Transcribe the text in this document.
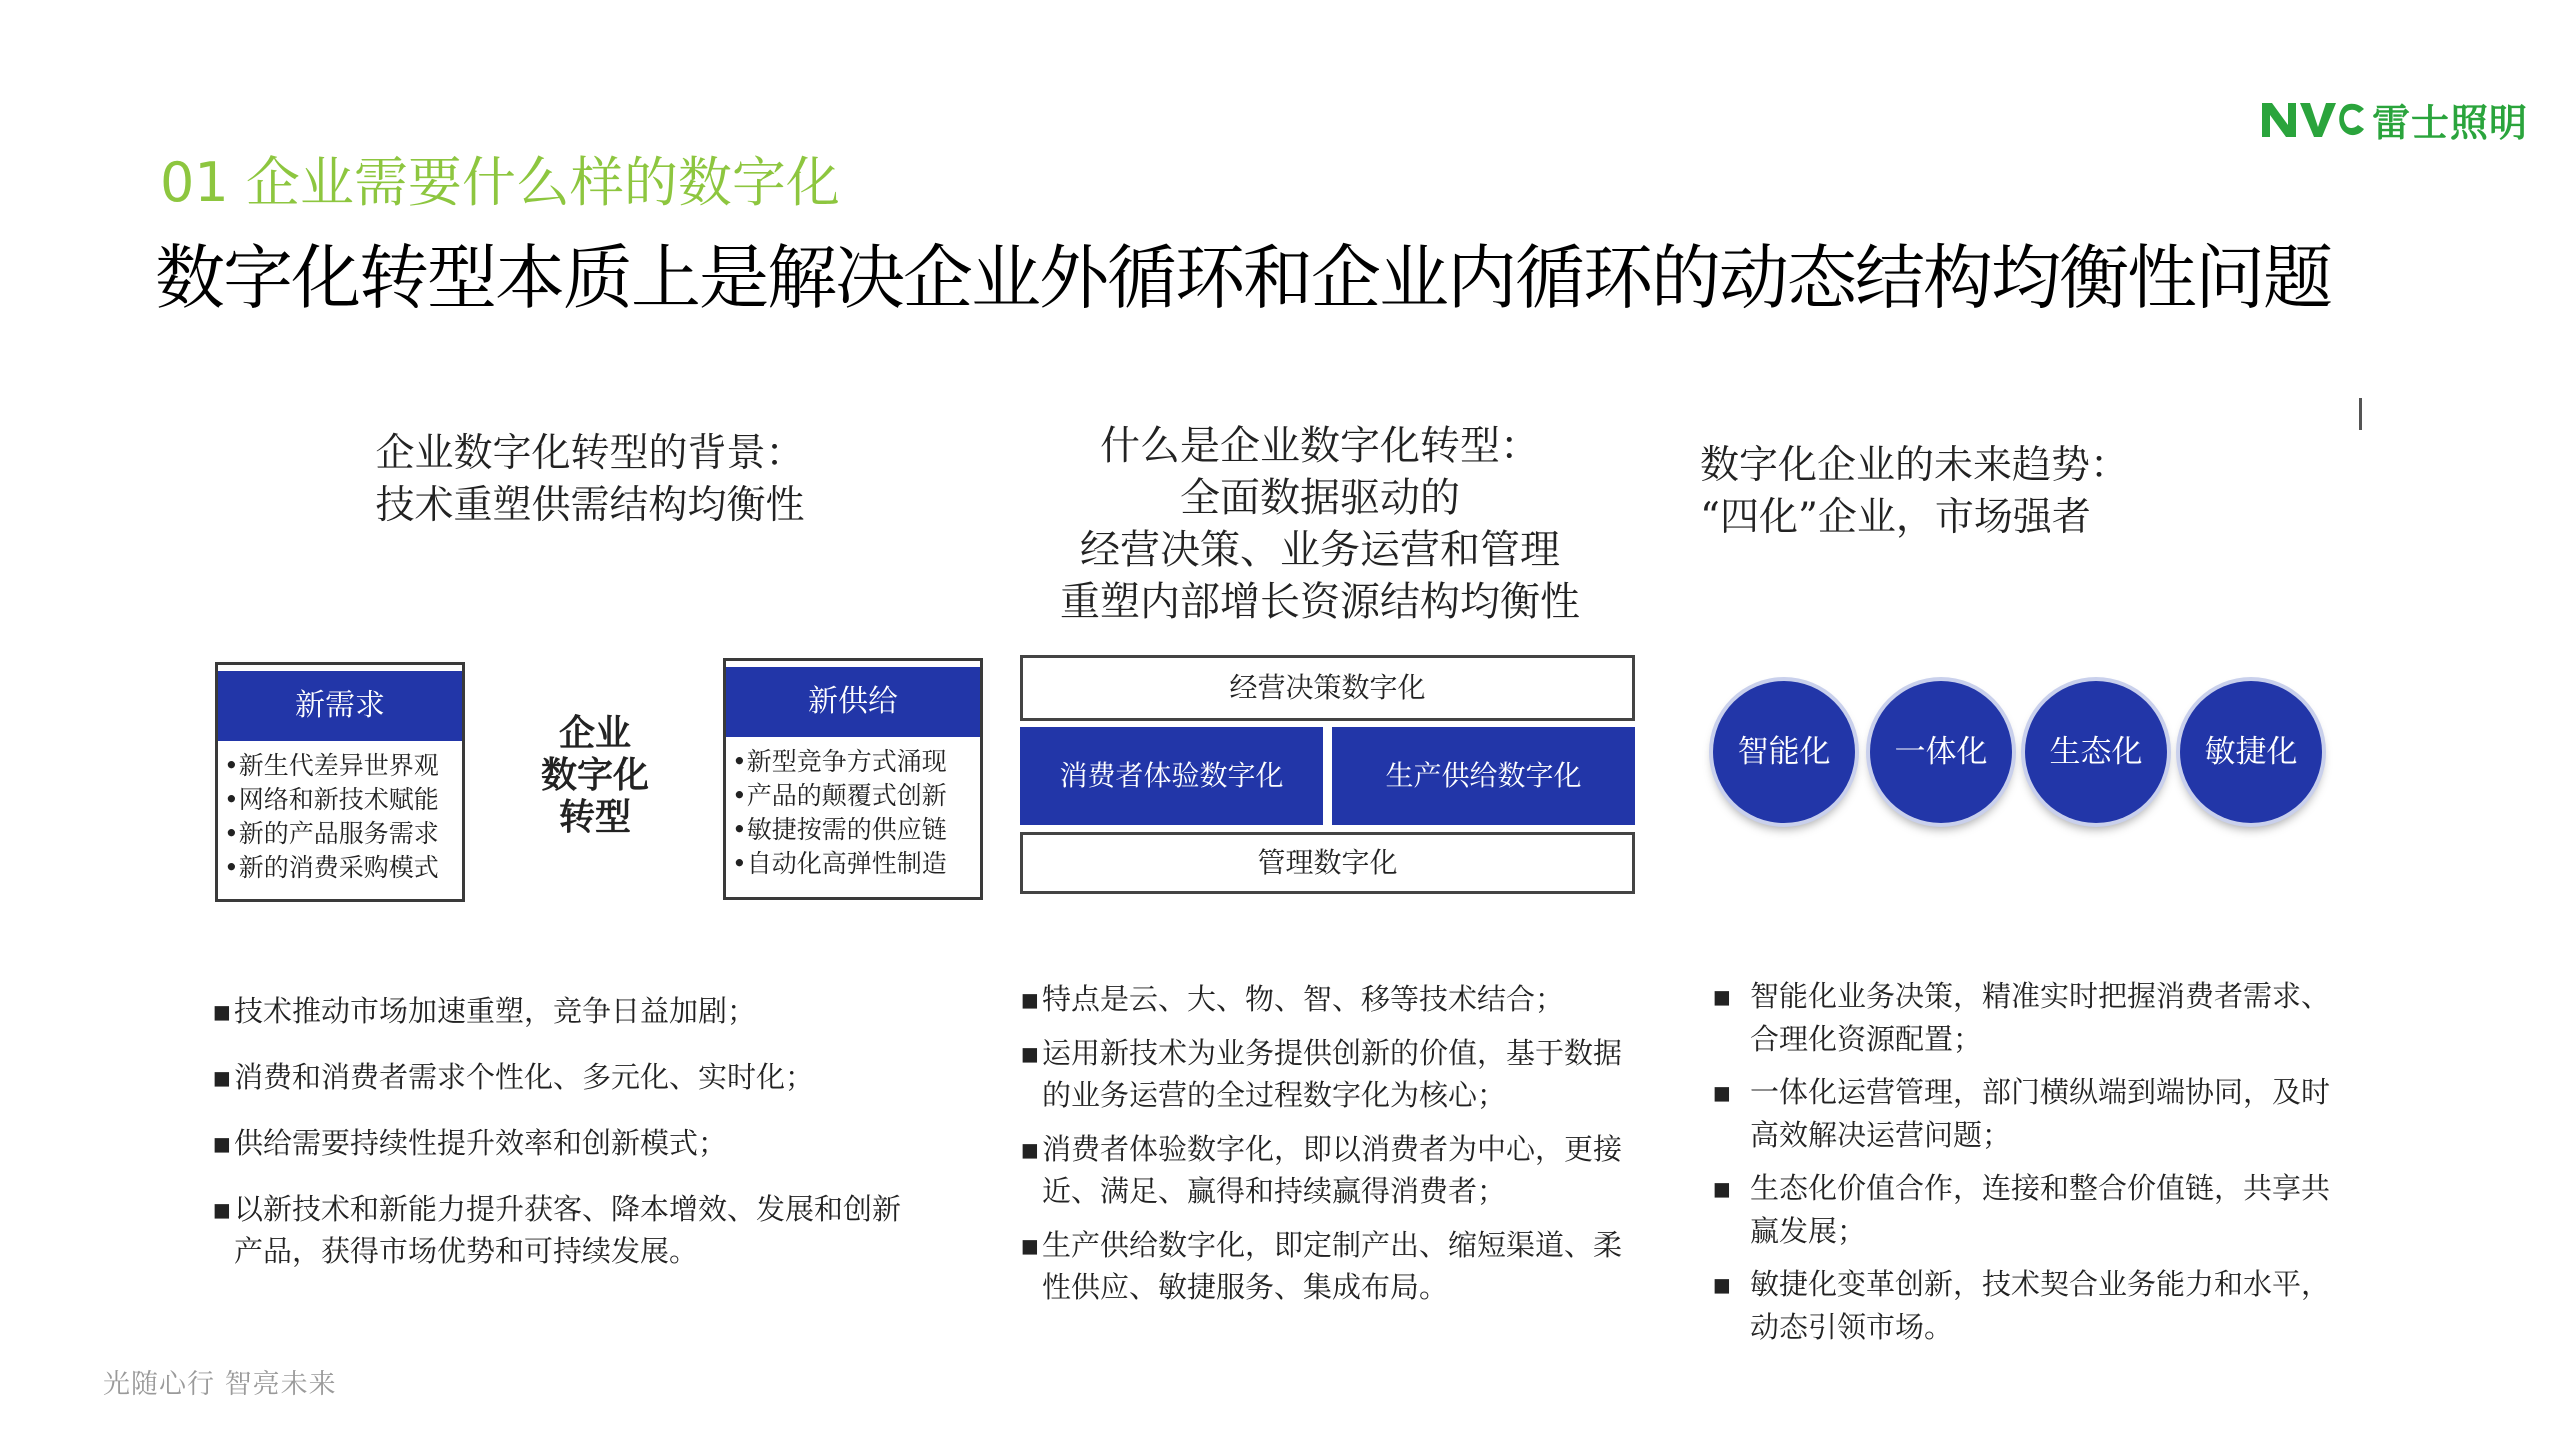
雷士照明
01 企业需要什么样的数字化
数字化转型本质上是解决企业外循环和企业内循环的动态结构均衡性问题
企业数字化转型的背景：
技术重塑供需结构均衡性
新需求
•新生代差异世界观
•网络和新技术赋能
•新的产品服务需求
•新的消费采购模式
企业
数字化
转型
新供给
•新型竞争方式涌现
•产品的颠覆式创新
•敏捷按需的供应链
•自动化高弹性制造
▪ 技术推动市场加速重塑，竞争日益加剧；
▪ 消费和消费者需求个性化、多元化、实时化；
▪ 供给需要持续性提升效率和创新模式；
▪ 以新技术和新能力提升获客、降本增效、发展和创新产品，获得市场优势和可持续发展。
什么是企业数字化转型：
全面数据驱动的
经营决策、业务运营和管理
重塑内部增长资源结构均衡性
经营决策数字化
消费者体验数字化	生产供给数字化
管理数字化
▪ 特点是云、大、物、智、移等技术结合；
▪ 运用新技术为业务提供创新的价值，基于数据的业务运营的全过程数字化为核心；
▪ 消费者体验数字化，即以消费者为中心，更接近、满足、赢得和持续赢得消费者；
▪ 生产供给数字化，即定制产出、缩短渠道、柔性供应、敏捷服务、集成布局。
数字化企业的未来趋势：
“四化”企业，市场强者
智能化	一体化	生态化	敏捷化
▪ 智能化业务决策，精准实时把握消费者需求、合理化资源配置；
▪ 一体化运营管理，部门横纵端到端协同，及时高效解决运营问题；
▪ 生态化价值合作，连接和整合价值链，共享共赢发展；
▪ 敏捷化变革创新，技术契合业务能力和水平，动态引领市场。
光随心行 智亮未来
